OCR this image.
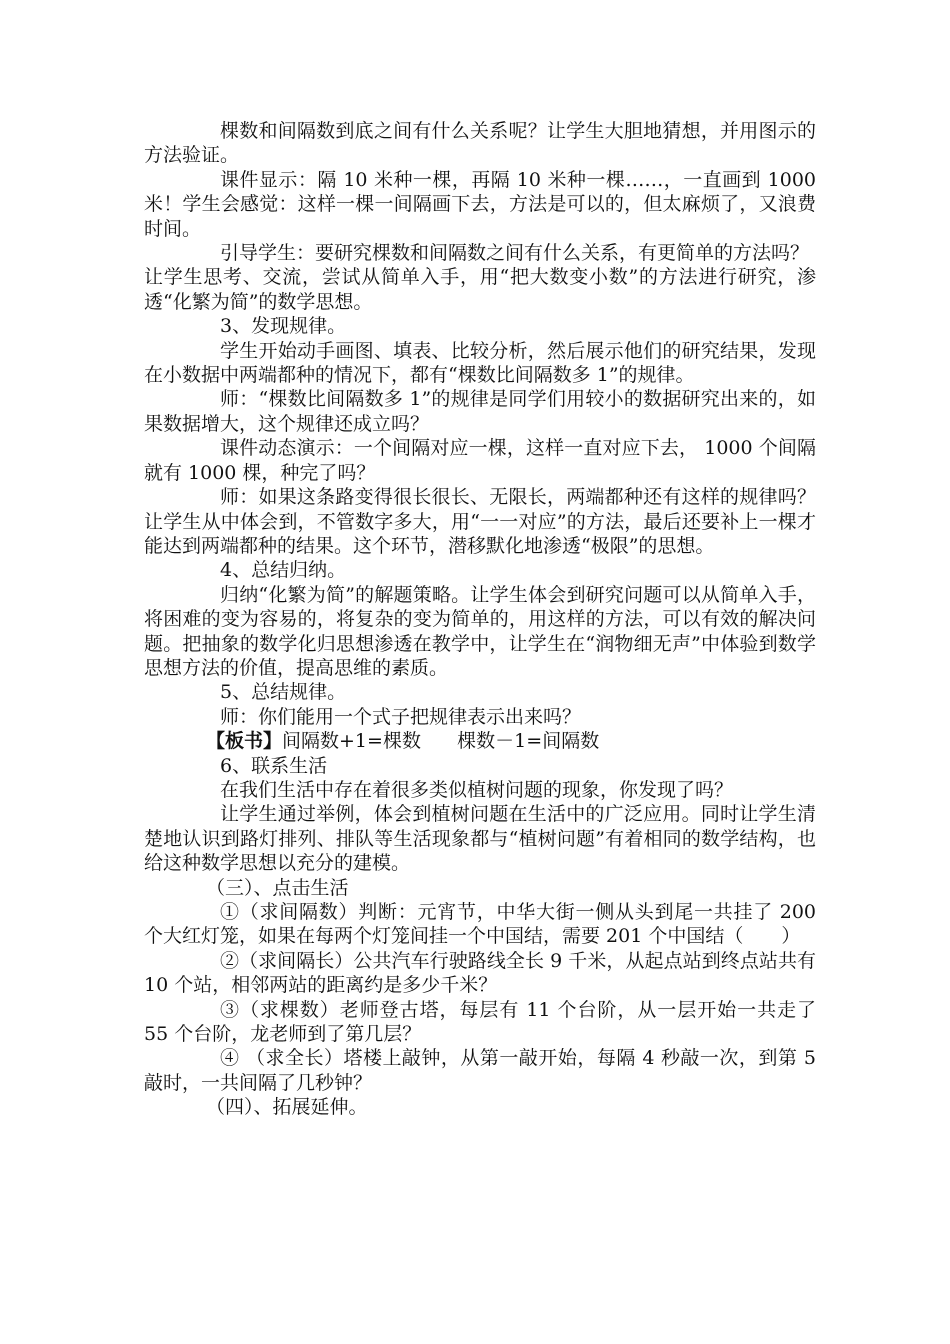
棵数和间隔数到底之间有什么关系呢？让学生大胆地猜想，并用图示的方法验证。

课件显示：隔 10 米种一棵，再隔 10 米种一棵……，一直画到 1000 米！学生会感觉：这样一棵一间隔画下去，方法是可以的，但太麻烦了，又浪费时间。

引导学生：要研究棵数和间隔数之间有什么关系，有更简单的方法吗？

让学生思考、交流，尝试从简单入手，用“把大数变小数”的方法进行研究，渗透“化繁为简”的数学思想。

3、发现规律。

学生开始动手画图、填表、比较分析，然后展示他们的研究结果，发现在小数据中两端都种的情况下，都有“棵数比间隔数多 1”的规律。

师：“棵数比间隔数多 1”的规律是同学们用较小的数据研究出来的，如果数据增大，这个规律还成立吗？

课件动态演示：一个间隔对应一棵，这样一直对应下去， 1000 个间隔就有 1000 棵，种完了吗？

师：如果这条路变得很长很长、无限长，两端都种还有这样的规律吗？让学生从中体会到，不管数字多大，用“一一对应”的方法，最后还要补上一棵才能达到两端都种的结果。这个环节，潜移默化地渗透“极限”的思想。

4、总结归纳。

归纳“化繁为简”的解题策略。让学生体会到研究问题可以从简单入手，将困难的变为容易的，将复杂的变为简单的，用这样的方法，可以有效的解决问题。把抽象的数学化归思想渗透在教学中，让学生在“润物细无声”中体验到数学思想方法的价值，提高思维的素质。

5、总结规律。

师：你们能用一个式子把规律表示出来吗？

【板书】间隔数+1=棵数      棵数－1=间隔数

6、联系生活

在我们生活中存在着很多类似植树问题的现象，你发现了吗？

让学生通过举例，体会到植树问题在生活中的广泛应用。同时让学生清楚地认识到路灯排列、排队等生活现象都与“植树问题”有着相同的数学结构，也给这种数学思想以充分的建模。

（三）、点击生活

①（求间隔数）判断：元宵节，中华大街一侧从头到尾一共挂了 200 个大红灯笼，如果在每两个灯笼间挂一个中国结，需要 201 个中国结（　　）

②（求间隔长）公共汽车行驶路线全长 9 千米，从起点站到终点站共有 10 个站，相邻两站的距离约是多少千米？

③（求棵数）老师登古塔，每层有 11 个台阶，从一层开始一共走了 55 个台阶，龙老师到了第几层？

④ （求全长）塔楼上敲钟，从第一敲开始，每隔 4 秒敲一次，到第 5 敲时，一共间隔了几秒钟？

（四）、拓展延伸。
